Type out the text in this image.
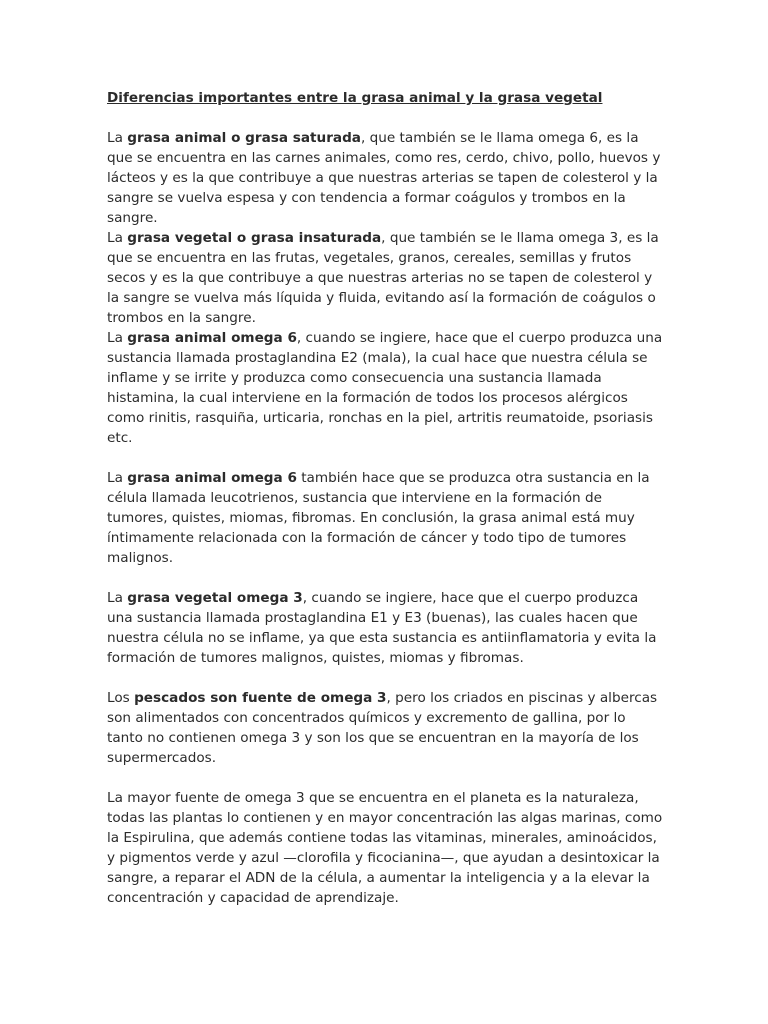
Diferencias importantes entre la grasa animal y la grasa vegetal

La grasa animal o grasa saturada, que también se le llama omega 6, es la que se encuentra en las carnes animales, como res, cerdo, chivo, pollo, huevos y lácteos y es la que contribuye a que nuestras arterias se tapen de colesterol y la sangre se vuelva espesa y con tendencia a formar coágulos y trombos en la sangre.

La grasa vegetal o grasa insaturada, que también se le llama omega 3, es la que se encuentra en las frutas, vegetales, granos, cereales, semillas y frutos secos y es la que contribuye a que nuestras arterias no se tapen de colesterol y la sangre se vuelva más líquida y fluida, evitando así la formación de coágulos o trombos en la sangre.

La grasa animal omega 6, cuando se ingiere, hace que el cuerpo produzca una sustancia llamada prostaglandina E2 (mala), la cual hace que nuestra célula se inflame y se irrite y produzca como consecuencia una sustancia llamada histamina, la cual interviene en la formación de todos los procesos alérgicos como rinitis, rasquiña, urticaria, ronchas en la piel, artritis reumatoide, psoriasis etc.

La grasa animal omega 6 también hace que se produzca otra sustancia en la célula llamada leucotrienos, sustancia que interviene en la formación de tumores, quistes, miomas, fibromas. En conclusión, la grasa animal está muy íntimamente relacionada con la formación de cáncer y todo tipo de tumores malignos.

La grasa vegetal omega 3, cuando se ingiere, hace que el cuerpo produzca una sustancia llamada prostaglandina E1 y E3 (buenas), las cuales hacen que nuestra célula no se inflame, ya que esta sustancia es antiinflamatoria y evita la formación de tumores malignos, quistes, miomas y fibromas.

Los pescados son fuente de omega 3, pero los criados en piscinas y albercas son alimentados con concentrados químicos y excremento de gallina, por lo tanto no contienen omega 3 y son los que se encuentran en la mayoría de los supermercados.

La mayor fuente de omega 3 que se encuentra en el planeta es la naturaleza, todas las plantas lo contienen y en mayor concentración las algas marinas, como la Espirulina, que además contiene todas las vitaminas, minerales, aminoácidos, y pigmentos verde y azul —clorofila y ficocianina—, que ayudan a desintoxicar la sangre, a reparar el ADN de la célula, a aumentar la inteligencia y a la elevar la concentración y capacidad de aprendizaje.
